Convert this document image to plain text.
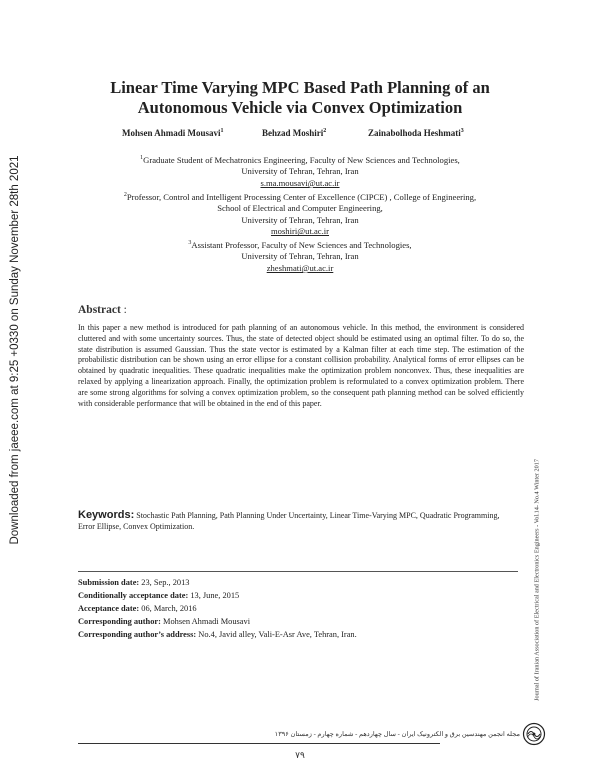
Downloaded from jaeee.com at 9:25 +0330 on Sunday November 28th 2021
Journal of Iranian Association of Electrical and Electronics Engineers - Vol.14- No.4 Winter 2017
Linear Time Varying MPC Based Path Planning of an
Autonomous Vehicle via Convex Optimization
Mohsen Ahmadi Mousavi$^1$	Behzad Moshiri$^2$	Zainabolhoda Heshmati$^3$
$^1$Graduate Student of Mechatronics Engineering, Faculty of New Sciences and Technologies,
University of Tehran, Tehran, Iran
s.ma.mousavi@ut.ac.ir
$^2$Professor, Control and Intelligent Processing Center of Excellence (CIPCE) , College of Engineering,
School of Electrical and Computer Engineering,
University of Tehran, Tehran, Iran
moshiri@ut.ac.ir
$^3$Assistant Professor, Faculty of New Sciences and Technologies,
University of Tehran, Tehran, Iran
zheshmati@ut.ac.ir
Abstract :
In this paper a new method is introduced for path planning of an autonomous vehicle. In this method, the environment is considered cluttered and with some uncertainty sources. Thus, the state of detected object should be estimated using an optimal filter. To do so, the state distribution is assumed Gaussian. Thus the state vector is estimated by a Kalman filter at each time step. The estimation of the probabilistic distribution can be shown using an error ellipse for a constant collision probability. Analytical forms of error ellipses can be obtained by quadratic inequalities. These quadratic inequalities make the optimization problem nonconvex. Thus, these inequalities are relaxed by applying a linearization approach. Finally, the optimization problem is reformulated to a convex optimization problem. There are some strong algorithms for solving a convex optimization problem, so the consequent path planning method can be solved efficiently with considerable performance that will be obtained in the end of this paper.
Keywords: Stochastic Path Planning, Path Planning Under Uncertainty, Linear Time-Varying MPC, Quadratic Programming, Error Ellipse, Convex Optimization.
Submission date: 23, Sep., 2013
Conditionally acceptance date: 13, June, 2015
Acceptance date: 06, March, 2016
Corresponding author: Mohsen Ahmadi Mousavi
Corresponding author’s address: No.4, Javid alley, Vali-E-Asr Ave, Tehran, Iran.
مجله انجمن مهندسین برق و الکترونیک ایران - سال چهاردهم - شماره چهارم - زمستان ۱۳۹۶
۷۹
